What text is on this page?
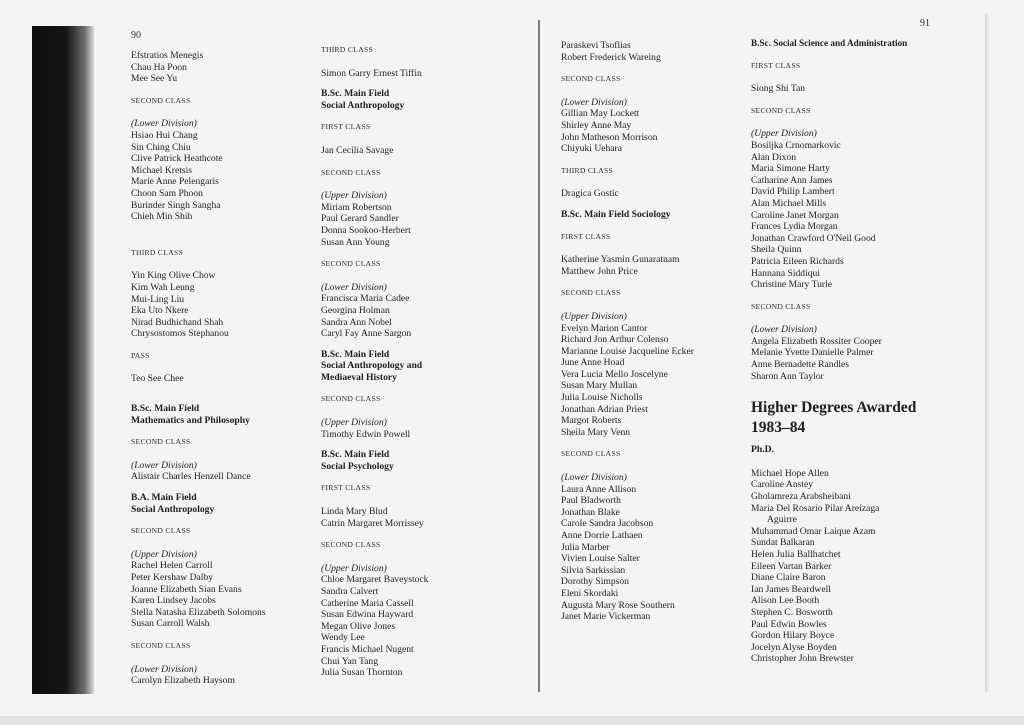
90
91
Efstratios Menegis
Chau Ha Poon
Mee See Yu
SECOND CLASS
(Lower Division)
Hsiao Hui Chang
Sin Ching Chiu
Clive Patrick Heathcote
Michael Kretsis
Marie Anne Pelengaris
Choon Sam Phoon
Burinder Singh Sangha
Chieh Min Shih
THIRD CLASS
Yin King Olive Chow
Kim Wah Leung
Mui-Ling Liu
Eka Uto Nkere
Nirad Budhichand Shah
Chrysostomos Stephanou
PASS
Teo See Chee
B.Sc. Main Field
Mathematics and Philosophy
SECOND CLASS
(Lower Division)
Alistair Charles Henzell Dance
B.A. Main Field
Social Anthropology
SECOND CLASS
(Upper Division)
Rachel Helen Carroll
Peter Kershaw Dalby
Joanne Elizabeth Sian Evans
Karen Lindsey Jacobs
Stella Natasha Elizabeth Solomons
Susan Carroll Walsh
SECOND CLASS
(Lower Division)
Carolyn Elizabeth Haysom
THIRD CLASS
Simon Garry Ernest Tiffin
B.Sc. Main Field
Social Anthropology
FIRST CLASS
Jan Cecilia Savage
SECOND CLASS
(Upper Division)
Miriam Robertson
Paul Gerard Sandler
Donna Sookoo-Herbert
Susan Ann Young
SECOND CLASS
(Lower Division)
Francisca Maria Cadee
Georgina Holman
Sandra Ann Nobel
Caryl Fay Anne Sargon
B.Sc. Main Field
Social Anthropology and
Mediaeval History
SECOND CLASS
(Upper Division)
Timothy Edwin Powell
B.Sc. Main Field
Social Psychology
FIRST CLASS
Linda Mary Blud
Catrin Margaret Morrissey
SECOND CLASS
(Upper Division)
Chloe Margaret Baveystock
Sandra Calvert
Catherine Maria Cassell
Susan Edwina Hayward
Megan Olive Jones
Wendy Lee
Francis Michael Nugent
Chui Yan Tang
Julia Susan Thornton
Paraskevi Tsoflias
Robert Frederick Wareing
SECOND CLASS
(Lower Division)
Gillian May Lockett
Shirley Anne May
John Matheson Morrison
Chiyuki Uehara
THIRD CLASS
Dragica Gostic
B.Sc. Main Field Sociology
FIRST CLASS
Katherine Yasmin Gunaratnam
Matthew John Price
SECOND CLASS
(Upper Division)
Evelyn Marion Cantor
Richard Jon Arthur Colenso
Marianne Louise Jacqueline Ecker
June Anne Hoad
Vera Lucia Mello Joscelyne
Susan Mary Mullan
Julia Louise Nicholls
Jonathan Adrian Priest
Margot Roberts
Sheila Mary Venn
SECOND CLASS
(Lower Division)
Laura Anne Allison
Paul Bladworth
Jonathan Blake
Carole Sandra Jacobson
Anne Dorrie Lathaen
Julia Marber
Vivien Louise Salter
Silvia Sarkissian
Dorothy Simpson
Eleni Skordaki
Augusta Mary Rose Southern
Janet Marie Vickerman
B.Sc. Social Science and Administration
FIRST CLASS
Siong Shi Tan
SECOND CLASS
(Upper Division)
Bosiljka Crnomarkovic
Alan Dixon
Maria Simone Harty
Catharine Ann James
David Philip Lambert
Alan Michael Mills
Caroline Janet Morgan
Frances Lydia Morgan
Jonathan Crawford O'Neil Good
Sheila Quinn
Patricia Eileen Richards
Hannana Siddiqui
Christine Mary Turle
SECOND CLASS
(Lower Division)
Angela Elizabeth Rossiter Cooper
Melanie Yvette Danielle Palmer
Anne Bernadette Randles
Sharon Ann Taylor
Higher Degrees Awarded
1983–84
Ph.D.
Michael Hope Allen
Caroline Anstey
Gholamreza Arabsheibani
Maria Del Rosario Pilar Areizaga
Aguirre
Muhammad Omar Laique Azam
Sundat Balkaran
Helen Julia Ballhatchet
Eileen Vartan Barker
Diane Claire Baron
Ian James Beardwell
Alison Lee Booth
Stephen C. Bosworth
Paul Edwin Bowles
Gordon Hilary Boyce
Jocelyn Alyse Boyden
Christopher John Brewster
